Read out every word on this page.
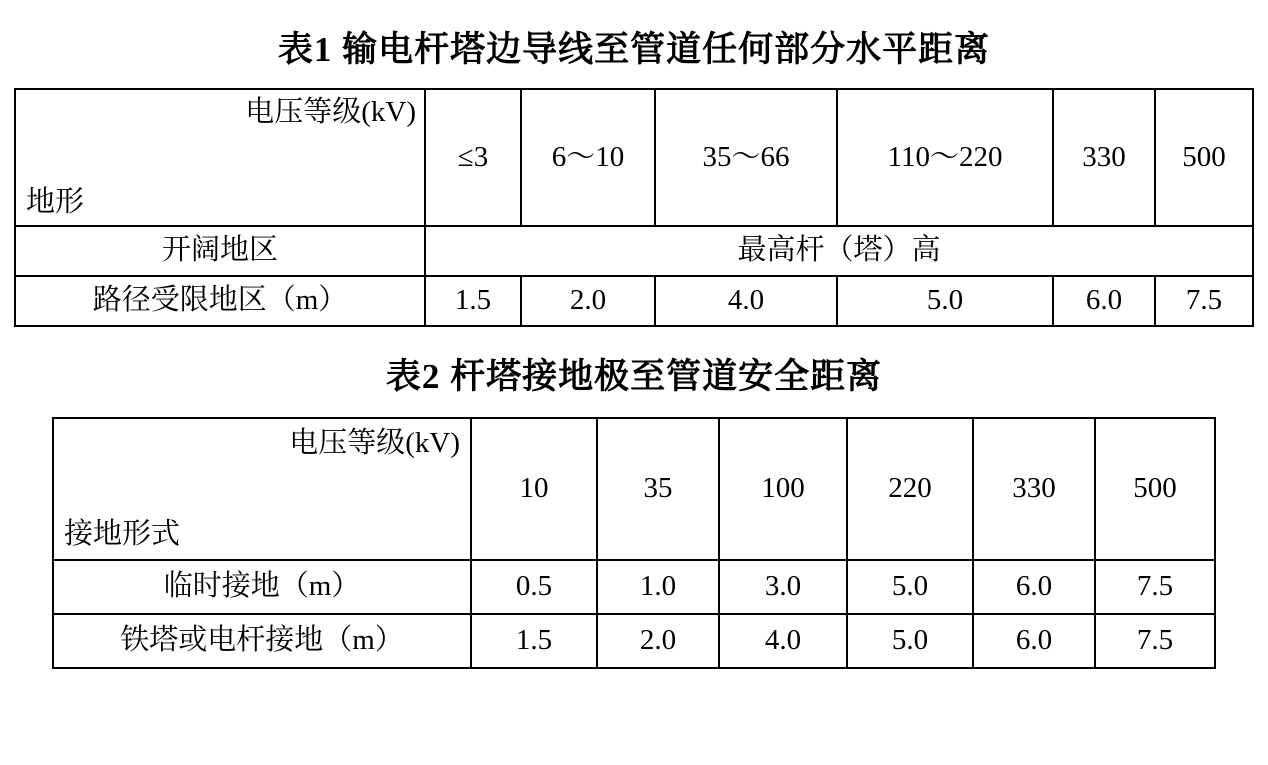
表1 输电杆塔边导线至管道任何部分水平距离
电压等级(kV)
地形	≤3	6～10	35～66	110～220	330	500
开阔地区	最高杆（塔）高					
路径受限地区（m）	1.5	2.0	4.0	5.0	6.0	7.5
表2 杆塔接地极至管道安全距离
电压等级(kV)
接地形式	10	35	100	220	330	500
临时接地（m）	0.5	1.0	3.0	5.0	6.0	7.5
铁塔或电杆接地（m）	1.5	2.0	4.0	5.0	6.0	7.5
